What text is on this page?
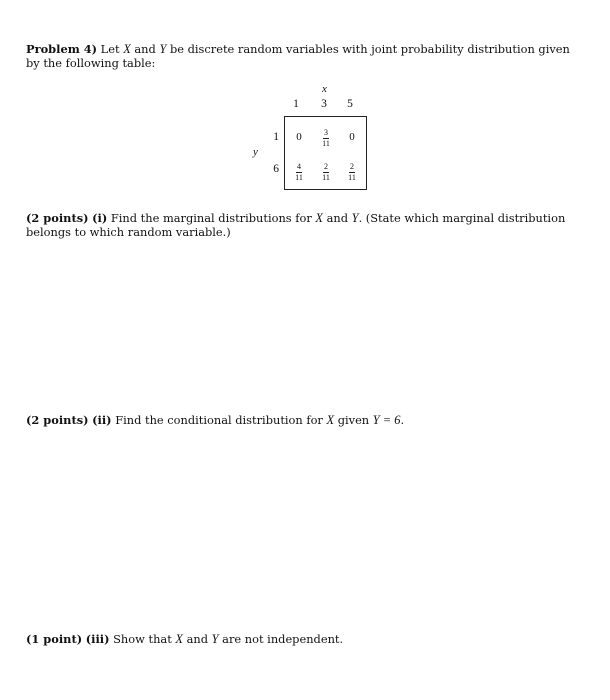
Problem 4) Let X and Y be discrete random variables with joint probability distribution given by the following table:
x
1	3	5
y
1
6
0	$\frac{3}{11}$	0
$\frac{4}{11} \frac{2}{11} \frac{2}{11}$
(2 points) (i) Find the marginal distributions for X and Y. (State which marginal distribution belongs to which random variable.)
(2 points) (ii) Find the conditional distribution for X given Y = 6.
(1 point) (iii) Show that X and Y are not independent.
